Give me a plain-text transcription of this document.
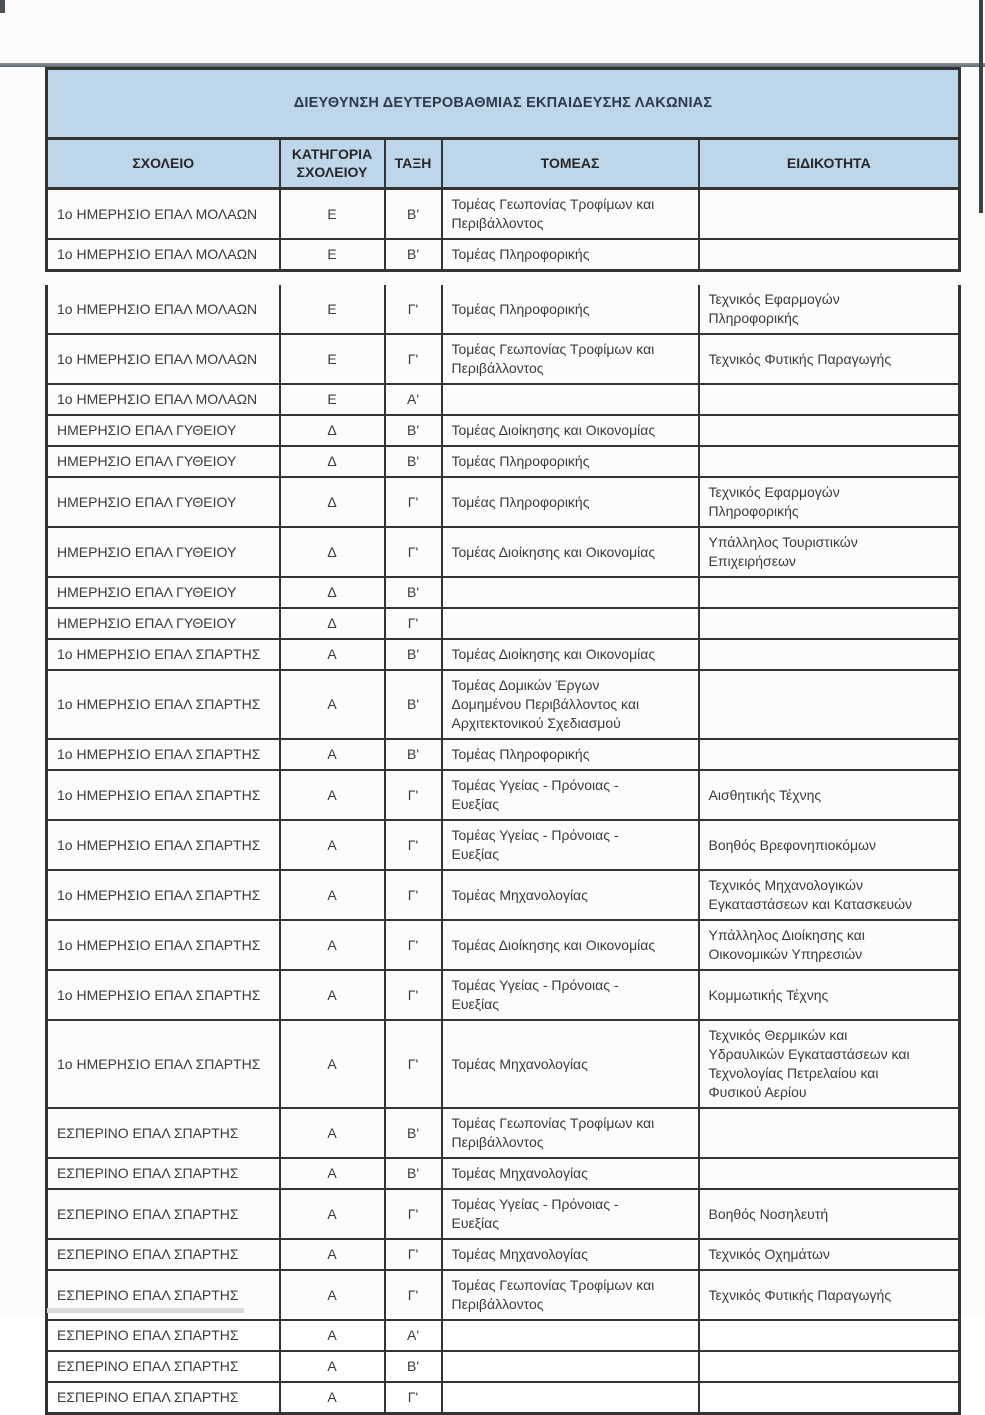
ΔΙΕΥΘΥΝΣΗ ΔΕΥΤΕΡΟΒΑΘΜΙΑΣ ΕΚΠΑΙΔΕΥΣΗΣ ΛΑΚΩΝΙΑΣ				
ΣΧΟΛΕΙΟ	ΚΑΤΗΓΟΡΙΑ ΣΧΟΛΕΙΟΥ	ΤΑΞΗ	ΤΟΜΕΑΣ	ΕΙΔΙΚΟΤΗΤΑ
1ο ΗΜΕΡΗΣΙΟ ΕΠΑΛ ΜΟΛΑΩΝ	Ε	Β'	Τομέας Γεωπονίας Τροφίμων και Περιβάλλοντος	
1ο ΗΜΕΡΗΣΙΟ ΕΠΑΛ ΜΟΛΑΩΝ	Ε	Β'	Τομέας Πληροφορικής	
1ο ΗΜΕΡΗΣΙΟ ΕΠΑΛ ΜΟΛΑΩΝ	Ε	Γ'	Τομέας Πληροφορικής	Τεχνικός Εφαρμογών Πληροφορικής
1ο ΗΜΕΡΗΣΙΟ ΕΠΑΛ ΜΟΛΑΩΝ	Ε	Γ'	Τομέας Γεωπονίας Τροφίμων και Περιβάλλοντος	Τεχνικός Φυτικής Παραγωγής
1ο ΗΜΕΡΗΣΙΟ ΕΠΑΛ ΜΟΛΑΩΝ	Ε	Α'		
ΗΜΕΡΗΣΙΟ ΕΠΑΛ ΓΥΘΕΙΟΥ	Δ	Β'	Τομέας Διοίκησης και Οικονομίας	
ΗΜΕΡΗΣΙΟ ΕΠΑΛ ΓΥΘΕΙΟΥ	Δ	Β'	Τομέας Πληροφορικής	
ΗΜΕΡΗΣΙΟ ΕΠΑΛ ΓΥΘΕΙΟΥ	Δ	Γ'	Τομέας Πληροφορικής	Τεχνικός Εφαρμογών Πληροφορικής
ΗΜΕΡΗΣΙΟ ΕΠΑΛ ΓΥΘΕΙΟΥ	Δ	Γ'	Τομέας Διοίκησης και Οικονομίας	Υπάλληλος Τουριστικών Επιχειρήσεων
ΗΜΕΡΗΣΙΟ ΕΠΑΛ ΓΥΘΕΙΟΥ	Δ	Β'		
ΗΜΕΡΗΣΙΟ ΕΠΑΛ ΓΥΘΕΙΟΥ	Δ	Γ'		
1ο ΗΜΕΡΗΣΙΟ ΕΠΑΛ ΣΠΑΡΤΗΣ	Α	Β'	Τομέας Διοίκησης και Οικονομίας	
1ο ΗΜΕΡΗΣΙΟ ΕΠΑΛ ΣΠΑΡΤΗΣ	Α	Β'	Τομέας Δομικών Έργων Δομημένου Περιβάλλοντος και Αρχιτεκτονικού Σχεδιασμού	
1ο ΗΜΕΡΗΣΙΟ ΕΠΑΛ ΣΠΑΡΤΗΣ	Α	Β'	Τομέας Πληροφορικής	
1ο ΗΜΕΡΗΣΙΟ ΕΠΑΛ ΣΠΑΡΤΗΣ	Α	Γ'	Τομέας Υγείας - Πρόνοιας - Ευεξίας	Αισθητικής Τέχνης
1ο ΗΜΕΡΗΣΙΟ ΕΠΑΛ ΣΠΑΡΤΗΣ	Α	Γ'	Τομέας Υγείας - Πρόνοιας - Ευεξίας	Βοηθός Βρεφονηπιοκόμων
1ο ΗΜΕΡΗΣΙΟ ΕΠΑΛ ΣΠΑΡΤΗΣ	Α	Γ'	Τομέας Μηχανολογίας	Τεχνικός Μηχανολογικών Εγκαταστάσεων και Κατασκευών
1ο ΗΜΕΡΗΣΙΟ ΕΠΑΛ ΣΠΑΡΤΗΣ	Α	Γ'	Τομέας Διοίκησης και Οικονομίας	Υπάλληλος Διοίκησης και Οικονομικών Υπηρεσιών
1ο ΗΜΕΡΗΣΙΟ ΕΠΑΛ ΣΠΑΡΤΗΣ	Α	Γ'	Τομέας Υγείας - Πρόνοιας - Ευεξίας	Κομμωτικής Τέχνης
1ο ΗΜΕΡΗΣΙΟ ΕΠΑΛ ΣΠΑΡΤΗΣ	Α	Γ'	Τομέας Μηχανολογίας	Τεχνικός Θερμικών και Υδραυλικών Εγκαταστάσεων και Τεχνολογίας Πετρελαίου και Φυσικού Αερίου
ΕΣΠΕΡΙΝΟ ΕΠΑΛ ΣΠΑΡΤΗΣ	Α	Β'	Τομέας Γεωπονίας Τροφίμων και Περιβάλλοντος	
ΕΣΠΕΡΙΝΟ ΕΠΑΛ ΣΠΑΡΤΗΣ	Α	Β'	Τομέας Μηχανολογίας	
ΕΣΠΕΡΙΝΟ ΕΠΑΛ ΣΠΑΡΤΗΣ	Α	Γ'	Τομέας Υγείας - Πρόνοιας - Ευεξίας	Βοηθός Νοσηλευτή
ΕΣΠΕΡΙΝΟ ΕΠΑΛ ΣΠΑΡΤΗΣ	Α	Γ'	Τομέας Μηχανολογίας	Τεχνικός Οχημάτων
ΕΣΠΕΡΙΝΟ ΕΠΑΛ ΣΠΑΡΤΗΣ	Α	Γ'	Τομέας Γεωπονίας Τροφίμων και Περιβάλλοντος	Τεχνικός Φυτικής Παραγωγής
ΕΣΠΕΡΙΝΟ ΕΠΑΛ ΣΠΑΡΤΗΣ	Α	Α'		
ΕΣΠΕΡΙΝΟ ΕΠΑΛ ΣΠΑΡΤΗΣ	Α	Β'		
ΕΣΠΕΡΙΝΟ ΕΠΑΛ ΣΠΑΡΤΗΣ	Α	Γ'		
